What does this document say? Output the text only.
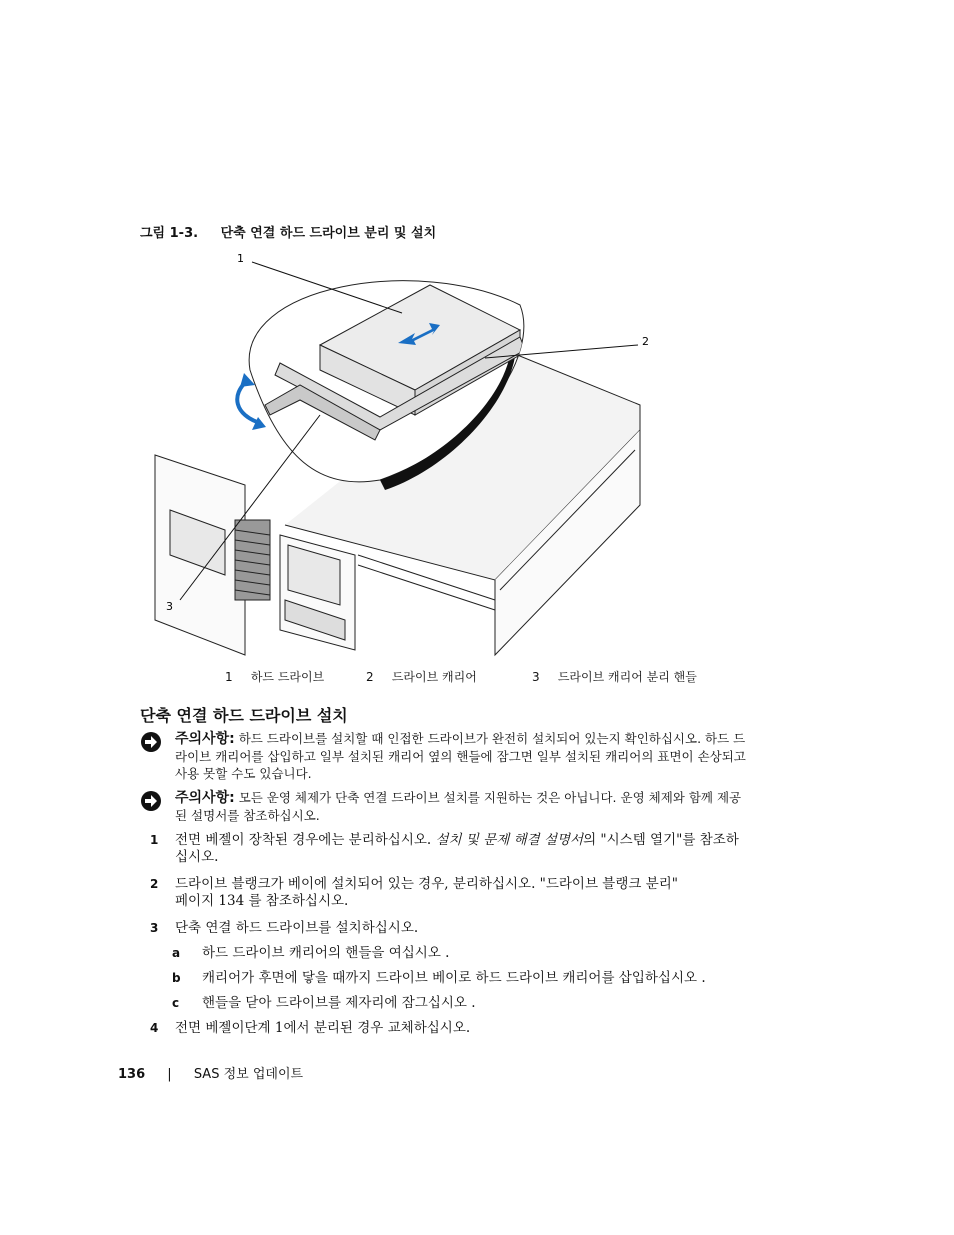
그림 1-3. 단축 연결 하드 드라이브 분리 및 설치
1
2
3
1 하드 드라이브	2 드라이브 캐리어	3 드라이브 캐리어 분리 핸들
단축 연결 하드 드라이브 설치
주의사항: 하드 드라이브를 설치할 때 인접한 드라이브가 완전히 설치되어 있는지 확인하십시오. 하드 드
라이브 캐리어를 삽입하고 일부 설치된 캐리어 옆의 핸들에 잠그면 일부 설치된 캐리어의 표면이 손상되고
사용 못할 수도 있습니다.
주의사항: 모든 운영 체제가 단축 연결 드라이브 설치를 지원하는 것은 아닙니다. 운영 체제와 함께 제공
된 설명서를 참조하십시오.
1 전면 베젤이 장착된 경우에는 분리하십시오. 설치 및 문제 해결 설명서의 "시스템 열기"를 참조하
십시오.
2 드라이브 블랭크가 베이에 설치되어 있는 경우, 분리하십시오. "드라이브 블랭크 분리"
페이지 134 를 참조하십시오.
3 단축 연결 하드 드라이브를 설치하십시오.
a 하드 드라이브 캐리어의 핸들을 여십시오 .
b 캐리어가 후면에 닿을 때까지 드라이브 베이로 하드 드라이브 캐리어를 삽입하십시오 .
c 핸들을 닫아 드라이브를 제자리에 잠그십시오 .
4 전면 베젤이단계 1에서 분리된 경우 교체하십시오.
136 | SAS 정보 업데이트
